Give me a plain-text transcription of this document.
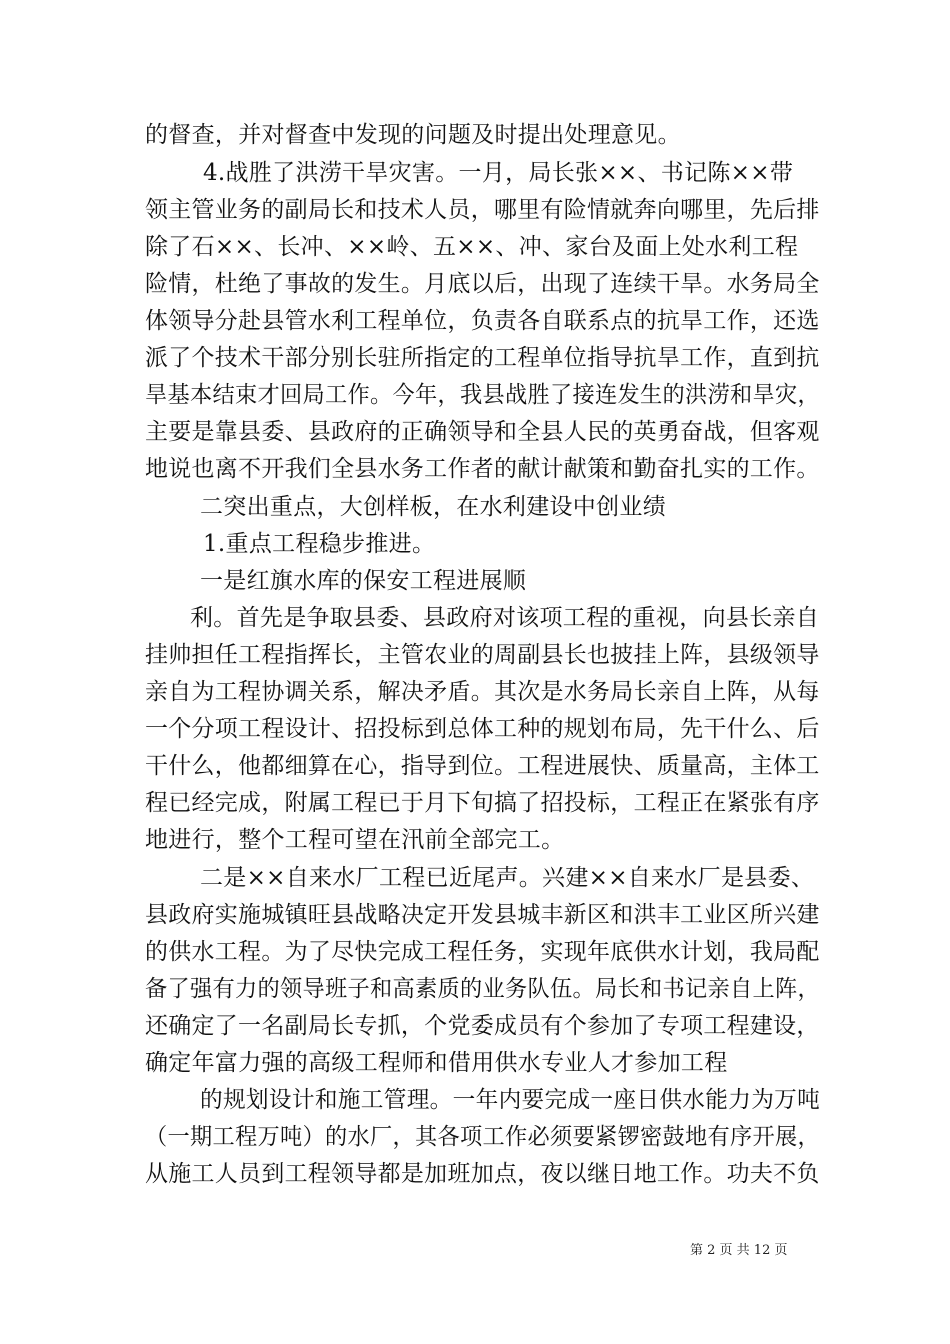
的督查，并对督查中发现的问题及时提出处理意见。
4.战胜了洪涝干旱灾害。一月，局长张××、书记陈××带
领主管业务的副局长和技术人员，哪里有险情就奔向哪里，先后排
除了石××、长冲、××岭、五××、冲、家台及面上处水利工程
险情，杜绝了事故的发生。月底以后，出现了连续干旱。水务局全
体领导分赴县管水利工程单位，负责各自联系点的抗旱工作，还选
派了个技术干部分别长驻所指定的工程单位指导抗旱工作，直到抗
旱基本结束才回局工作。今年，我县战胜了接连发生的洪涝和旱灾，
主要是靠县委、县政府的正确领导和全县人民的英勇奋战，但客观
地说也离不开我们全县水务工作者的献计献策和勤奋扎实的工作。
二突出重点，大创样板，在水利建设中创业绩
1.重点工程稳步推进。
一是红旗水库的保安工程进展顺
利。首先是争取县委、县政府对该项工程的重视，向县长亲自
挂帅担任工程指挥长，主管农业的周副县长也披挂上阵，县级领导
亲自为工程协调关系，解决矛盾。其次是水务局长亲自上阵，从每
一个分项工程设计、招投标到总体工种的规划布局，先干什么、后
干什么，他都细算在心，指导到位。工程进展快、质量高，主体工
程已经完成，附属工程已于月下旬搞了招投标，工程正在紧张有序
地进行，整个工程可望在汛前全部完工。
二是××自来水厂工程已近尾声。兴建××自来水厂是县委、
县政府实施城镇旺县战略决定开发县城丰新区和洪丰工业区所兴建
的供水工程。为了尽快完成工程任务，实现年底供水计划，我局配
备了强有力的领导班子和高素质的业务队伍。局长和书记亲自上阵，
还确定了一名副局长专抓，个党委成员有个参加了专项工程建设，
确定年富力强的高级工程师和借用供水专业人才参加工程
的规划设计和施工管理。一年内要完成一座日供水能力为万吨
（一期工程万吨）的水厂，其各项工作必须要紧锣密鼓地有序开展，
从施工人员到工程领导都是加班加点，夜以继日地工作。功夫不负
第 2 页 共 12 页
